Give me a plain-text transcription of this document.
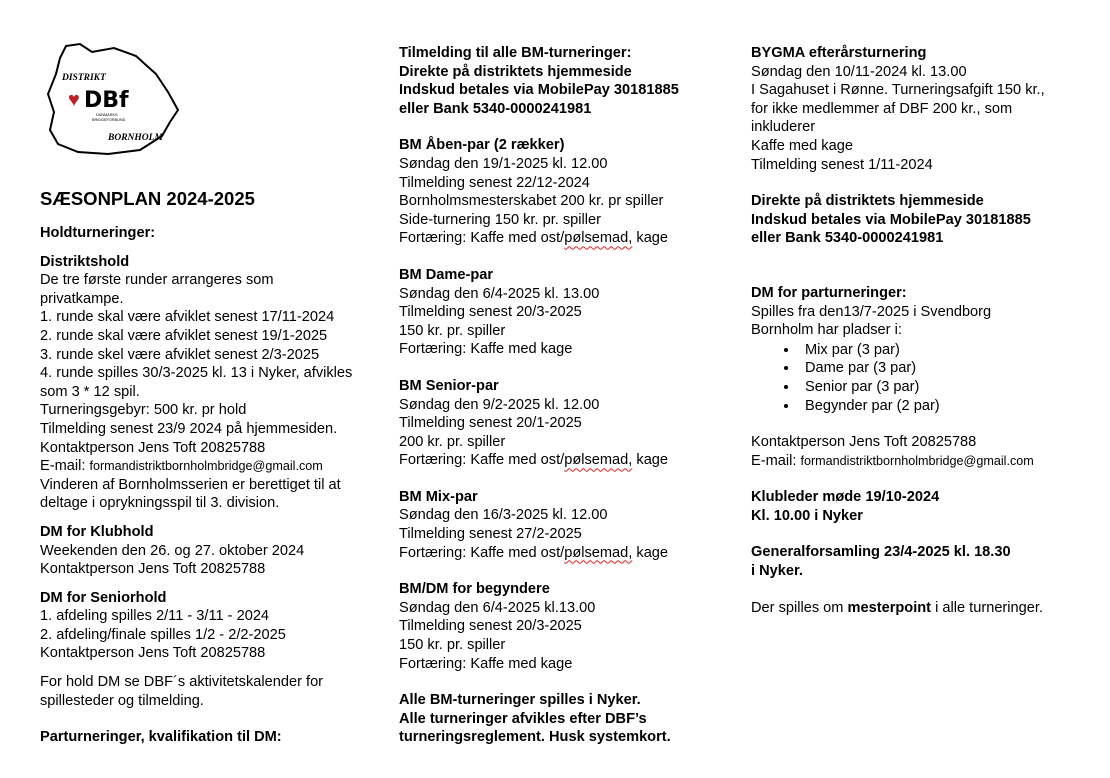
DISTRIKT
♥ DBf
DANMARKS
BRIDGEFORBUND
BORNHOLM
SÆSONPLAN 2024-2025
Holdturneringer:
Distriktshold
De tre første runder arrangeres som
privatkampe.
1. runde skal være afviklet senest 17/11-2024
2. runde skal være afviklet senest 19/1-2025
3. runde skel være afviklet senest 2/3-2025
4. runde spilles 30/3-2025 kl. 13 i Nyker, afvikles
som 3 * 12 spil.
Turneringsgebyr: 500 kr. pr hold
Tilmelding senest 23/9 2024 på hjemmesiden.
Kontaktperson Jens Toft 20825788
E-mail: formandistriktbornholmbridge@gmail.com
Vinderen af Bornholmsserien er berettiget til at
deltage i oprykningsspil til 3. division.
DM for Klubhold
Weekenden den 26. og 27. oktober 2024
Kontaktperson Jens Toft 20825788
DM for Seniorhold
1. afdeling spilles 2/11 - 3/11 - 2024
2. afdeling/finale spilles 1/2 - 2/2-2025
Kontaktperson Jens Toft 20825788
For hold DM se DBF´s aktivitetskalender for
spillesteder og tilmelding.
Parturneringer, kvalifikation til DM:
Tilmelding til alle BM-turneringer:
Direkte på distriktets hjemmeside
Indskud betales via MobilePay 30181885
eller Bank 5340-0000241981
BM Åben-par (2 rækker)
Søndag den 19/1-2025 kl. 12.00
Tilmelding senest 22/12-2024
Bornholmsmesterskabet 200 kr. pr spiller
Side-turnering 150 kr. pr. spiller
Fortæring: Kaffe med ost/pølsemad, kage
BM Dame-par
Søndag den 6/4-2025 kl. 13.00
Tilmelding senest 20/3-2025
150 kr. pr. spiller
Fortæring: Kaffe med kage
BM Senior-par
Søndag den 9/2-2025 kl. 12.00
Tilmelding senest 20/1-2025
200 kr. pr. spiller
Fortæring: Kaffe med ost/pølsemad, kage
BM Mix-par
Søndag den 16/3-2025 kl. 12.00
Tilmelding senest 27/2-2025
Fortæring: Kaffe med ost/pølsemad, kage
BM/DM for begyndere
Søndag den 6/4-2025 kl.13.00
Tilmelding senest 20/3-2025
150 kr. pr. spiller
Fortæring: Kaffe med kage
Alle BM-turneringer spilles i Nyker.
Alle turneringer afvikles efter DBF’s
turneringsreglement. Husk systemkort.
BYGMA efterårsturnering
Søndag den 10/11-2024 kl. 13.00
I Sagahuset i Rønne. Turneringsafgift 150 kr.,
for ikke medlemmer af DBF 200 kr., som
inkluderer
Kaffe med kage
Tilmelding senest 1/11-2024
Direkte på distriktets hjemmeside
Indskud betales via MobilePay 30181885
eller Bank 5340-0000241981
DM for parturneringer:
Spilles fra den13/7-2025 i Svendborg
Bornholm har pladser i:
• Mix par (3 par)
• Dame par (3 par)
• Senior par (3 par)
• Begynder par (2 par)
Kontaktperson Jens Toft 20825788
E-mail: formandistriktbornholmbridge@gmail.com
Klubleder møde 19/10-2024
Kl. 10.00 i Nyker
Generalforsamling 23/4-2025 kl. 18.30
i Nyker.
Der spilles om mesterpoint i alle turneringer.
